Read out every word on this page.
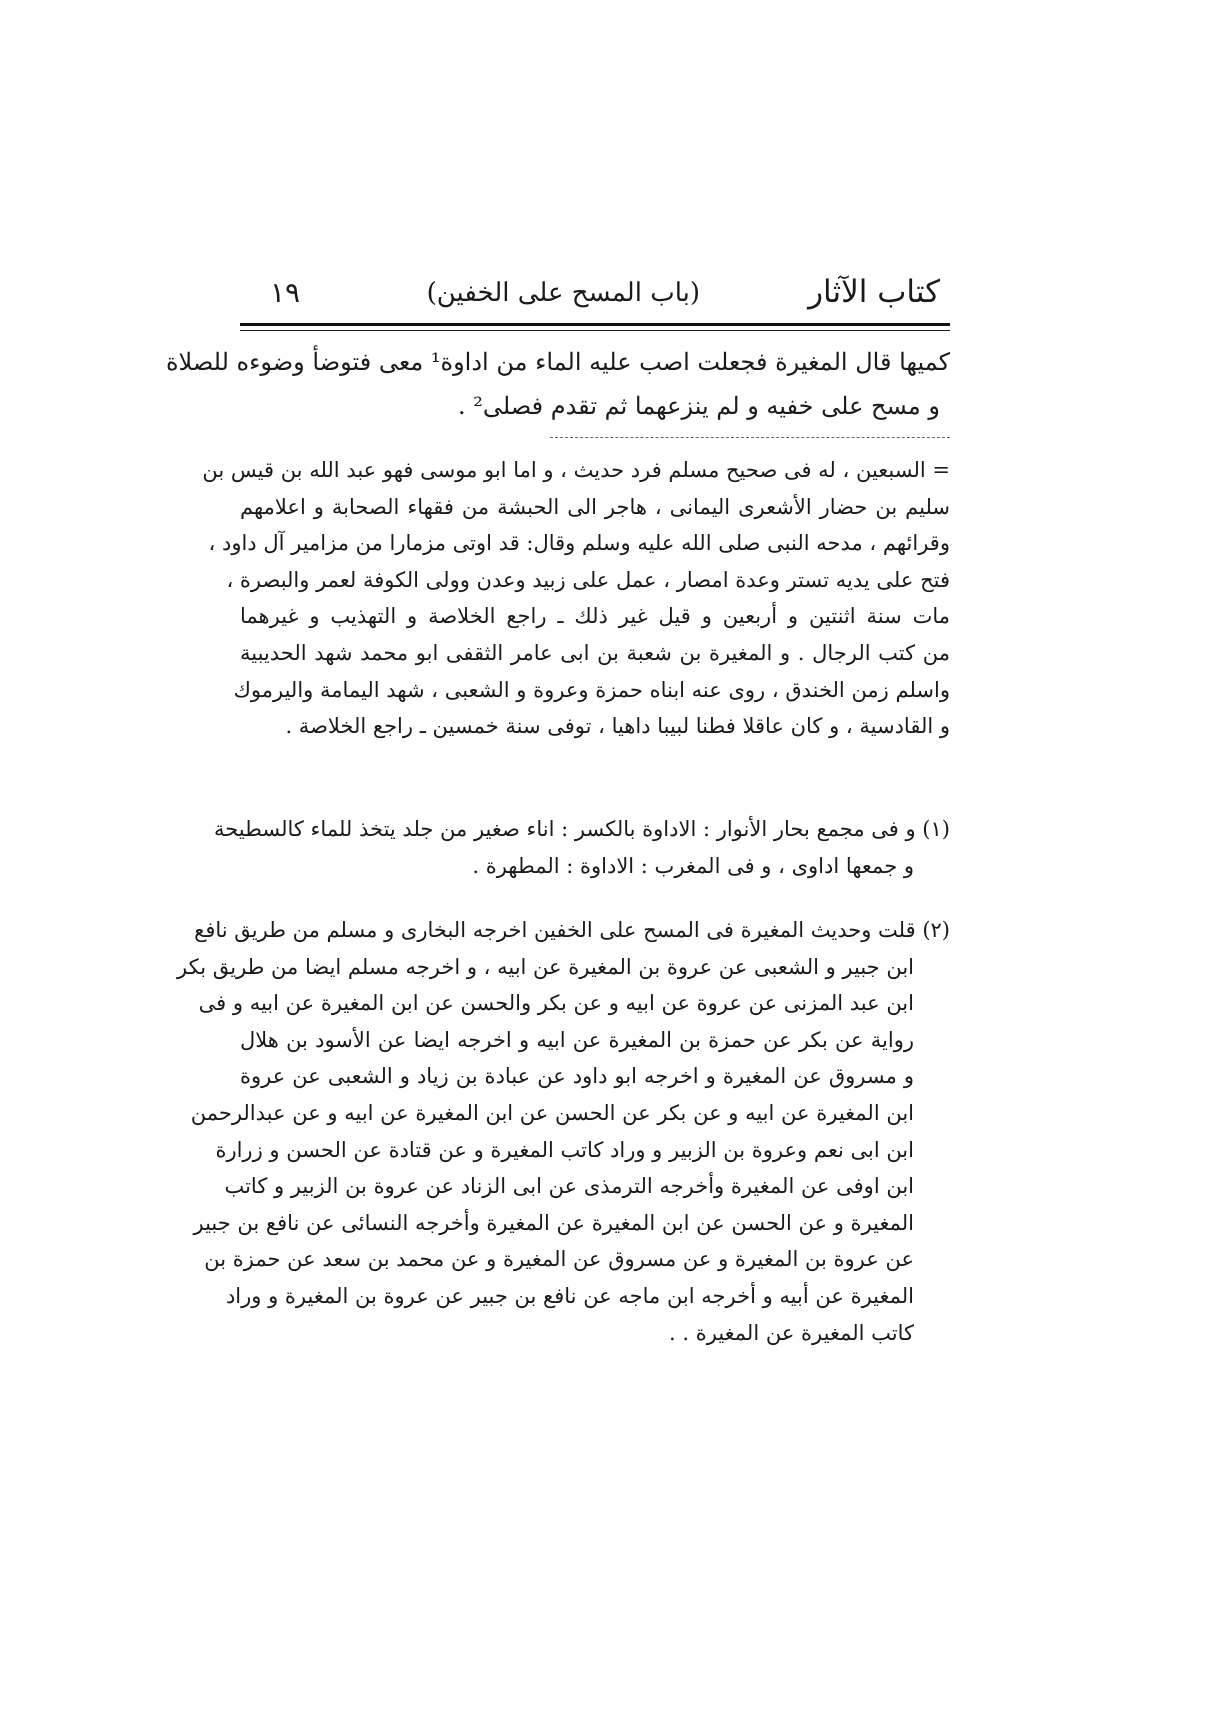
كتاب الآثار
(باب المسح على الخفين)
١٩
كميها قال المغيرة فجعلت اصب عليه الماء من اداوة¹ معى فتوضأ وضوءه للصلاة
و مسح على خفيه و لم ينزعهما ثم تقدم فصلى² .
= السبعين ، له فى صحيح مسلم فرد حديث ، و اما ابو موسى فهو عبد الله بن قيس بن
سليم بن حضار الأشعرى اليمانى ، هاجر الى الحبشة من فقهاء الصحابة و اعلامهم
وقرائهم ، مدحه النبى صلى الله عليه وسلم وقال: قد اوتى مزمارا من مزامير آل داود ،
فتح على يديه تستر وعدة امصار ، عمل على زبيد وعدن وولى الكوفة لعمر والبصرة ،
مات سنة اثنتين و أربعين و قيل غير ذلك ـ راجع الخلاصة و التهذيب و غيرهما
من كتب الرجال . و المغيرة بن شعبة بن ابى عامر الثقفى ابو محمد شهد الحديبية
واسلم زمن الخندق ، روى عنه ابناه حمزة وعروة و الشعبى ، شهد اليمامة واليرموك
و القادسية ، و كان عاقلا فطنا لبيبا داهيا ، توفى سنة خمسين ـ راجع الخلاصة .
(١) و فى مجمع بحار الأنوار : الاداوة بالكسر : اناء صغير من جلد يتخذ للماء كالسطيحة
و جمعها اداوى ، و فى المغرب : الاداوة : المطهرة .
(٢) قلت وحديث المغيرة فى المسح على الخفين اخرجه البخارى و مسلم من طريق نافع
ابن جبير و الشعبى عن عروة بن المغيرة عن ابيه ، و اخرجه مسلم ايضا من طريق بكر
ابن عبد المزنى عن عروة عن ابيه و عن بكر والحسن عن ابن المغيرة عن ابيه و فى
رواية عن بكر عن حمزة بن المغيرة عن ابيه و اخرجه ايضا عن الأسود بن هلال
و مسروق عن المغيرة و اخرجه ابو داود عن عبادة بن زياد و الشعبى عن عروة
ابن المغيرة عن ابيه و عن بكر عن الحسن عن ابن المغيرة عن ابيه و عن عبدالرحمن
ابن ابى نعم وعروة بن الزبير و وراد كاتب المغيرة و عن قتادة عن الحسن و زرارة
ابن اوفى عن المغيرة وأخرجه الترمذى عن ابى الزناد عن عروة بن الزبير و كاتب
المغيرة و عن الحسن عن ابن المغيرة عن المغيرة وأخرجه النسائى عن نافع بن جبير
عن عروة بن المغيرة و عن مسروق عن المغيرة و عن محمد بن سعد عن حمزة بن
المغيرة عن أبيه و أخرجه ابن ماجه عن نافع بن جبير عن عروة بن المغيرة و وراد
كاتب المغيرة عن المغيرة . .
